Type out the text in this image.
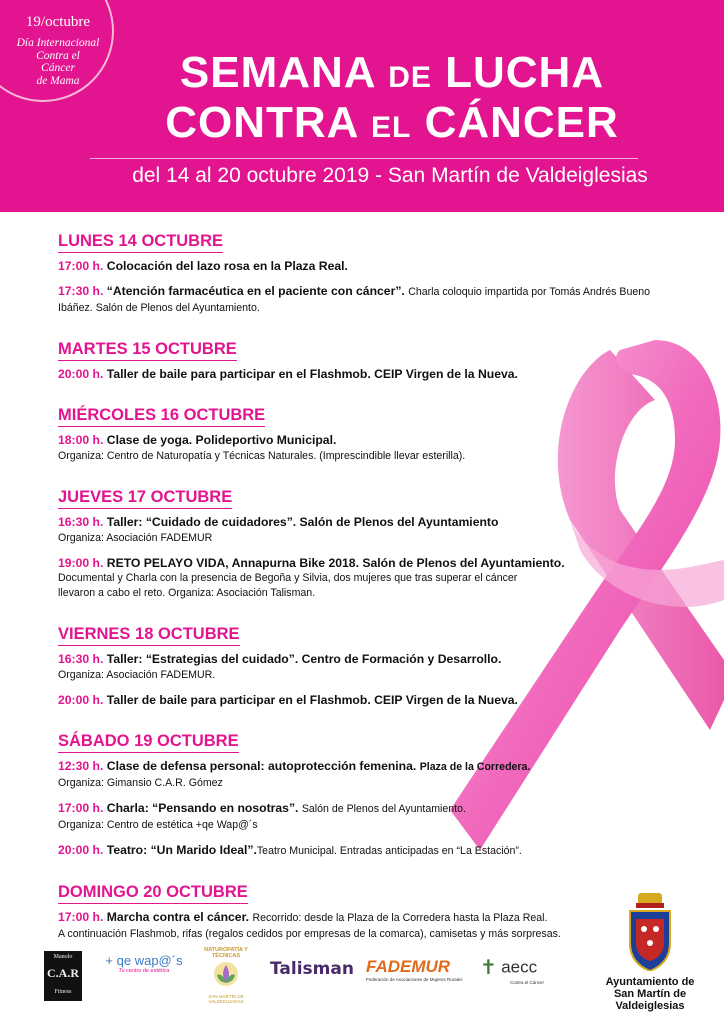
19/octubre
Día Internacional
Contra el
Cáncer
de Mama	SEMANA DE LUCHA
CONTRA EL CÁNCER
del 14 al 20 octubre 2019 - San Martín de Valdeiglesias
LUNES 14 OCTUBRE
17:00 h. Colocación del lazo rosa en la Plaza Real.
17:30 h. “Atención farmacéutica en el paciente con cáncer”. Charla coloquio impartida por Tomás Andrés Bueno Ibáñez. Salón de Plenos del Ayuntamiento.
MARTES 15 OCTUBRE
20:00 h. Taller de baile para participar en el Flashmob. CEIP Virgen de la Nueva.
MIÉRCOLES 16 OCTUBRE
18:00 h. Clase de yoga. Polideportivo Municipal.
Organiza: Centro de Naturopatía y Técnicas Naturales. (Imprescindible llevar esterilla).
JUEVES 17 OCTUBRE
16:30 h. Taller: “Cuidado de cuidadores”. Salón de Plenos del Ayuntamiento
Organiza: Asociación FADEMUR
19:00 h. RETO PELAYO VIDA, Annapurna Bike 2018. Salón de Plenos del Ayuntamiento.
Documental y Charla con la presencia de Begoña y Silvia, dos mujeres que tras superar el cáncer llevaron a cabo el reto. Organiza: Asociación Talisman.
VIERNES 18 OCTUBRE
16:30 h. Taller: “Estrategias del cuidado”. Centro de Formación y Desarrollo.
Organiza: Asociación FADEMUR.
20:00 h. Taller de baile para participar en el Flashmob. CEIP Virgen de la Nueva.
SÁBADO 19 OCTUBRE
12:30 h. Clase de defensa personal: autoprotección femenina. Plaza de la Corredera.
Organiza: Gimansio C.A.R. Gómez
17:00 h. Charla: “Pensando en nosotras”. Salón de Plenos del Ayuntamiento.
Organiza: Centro de estética +qe Wap@´s
20:00 h. Teatro: “Un Marido Ideal”.Teatro Municipal. Entradas anticipadas en “La Estación”.
DOMINGO 20 OCTUBRE
17:00 h. Marcha contra el cáncer. Recorrido: desde la Plaza de la Corredera hasta la Plaza Real.
A continuación Flashmob, rifas (regalos cedidos por empresas de la comarca), camisetas y más sorpresas.
Manolo
C.A.R
Fitness
+ qe wap@´s
Tu centro de estética
NATUROPATÍA Y TÉCNICAS
SAN MARTÍN DE VALDEIGLESIAS
Talisman FADEMUR
Federación de Asociaciones de Mujeres Rurales
✝ aecc
Contra el Cáncer	Ayuntamiento de
San Martín de Valdeiglesias
